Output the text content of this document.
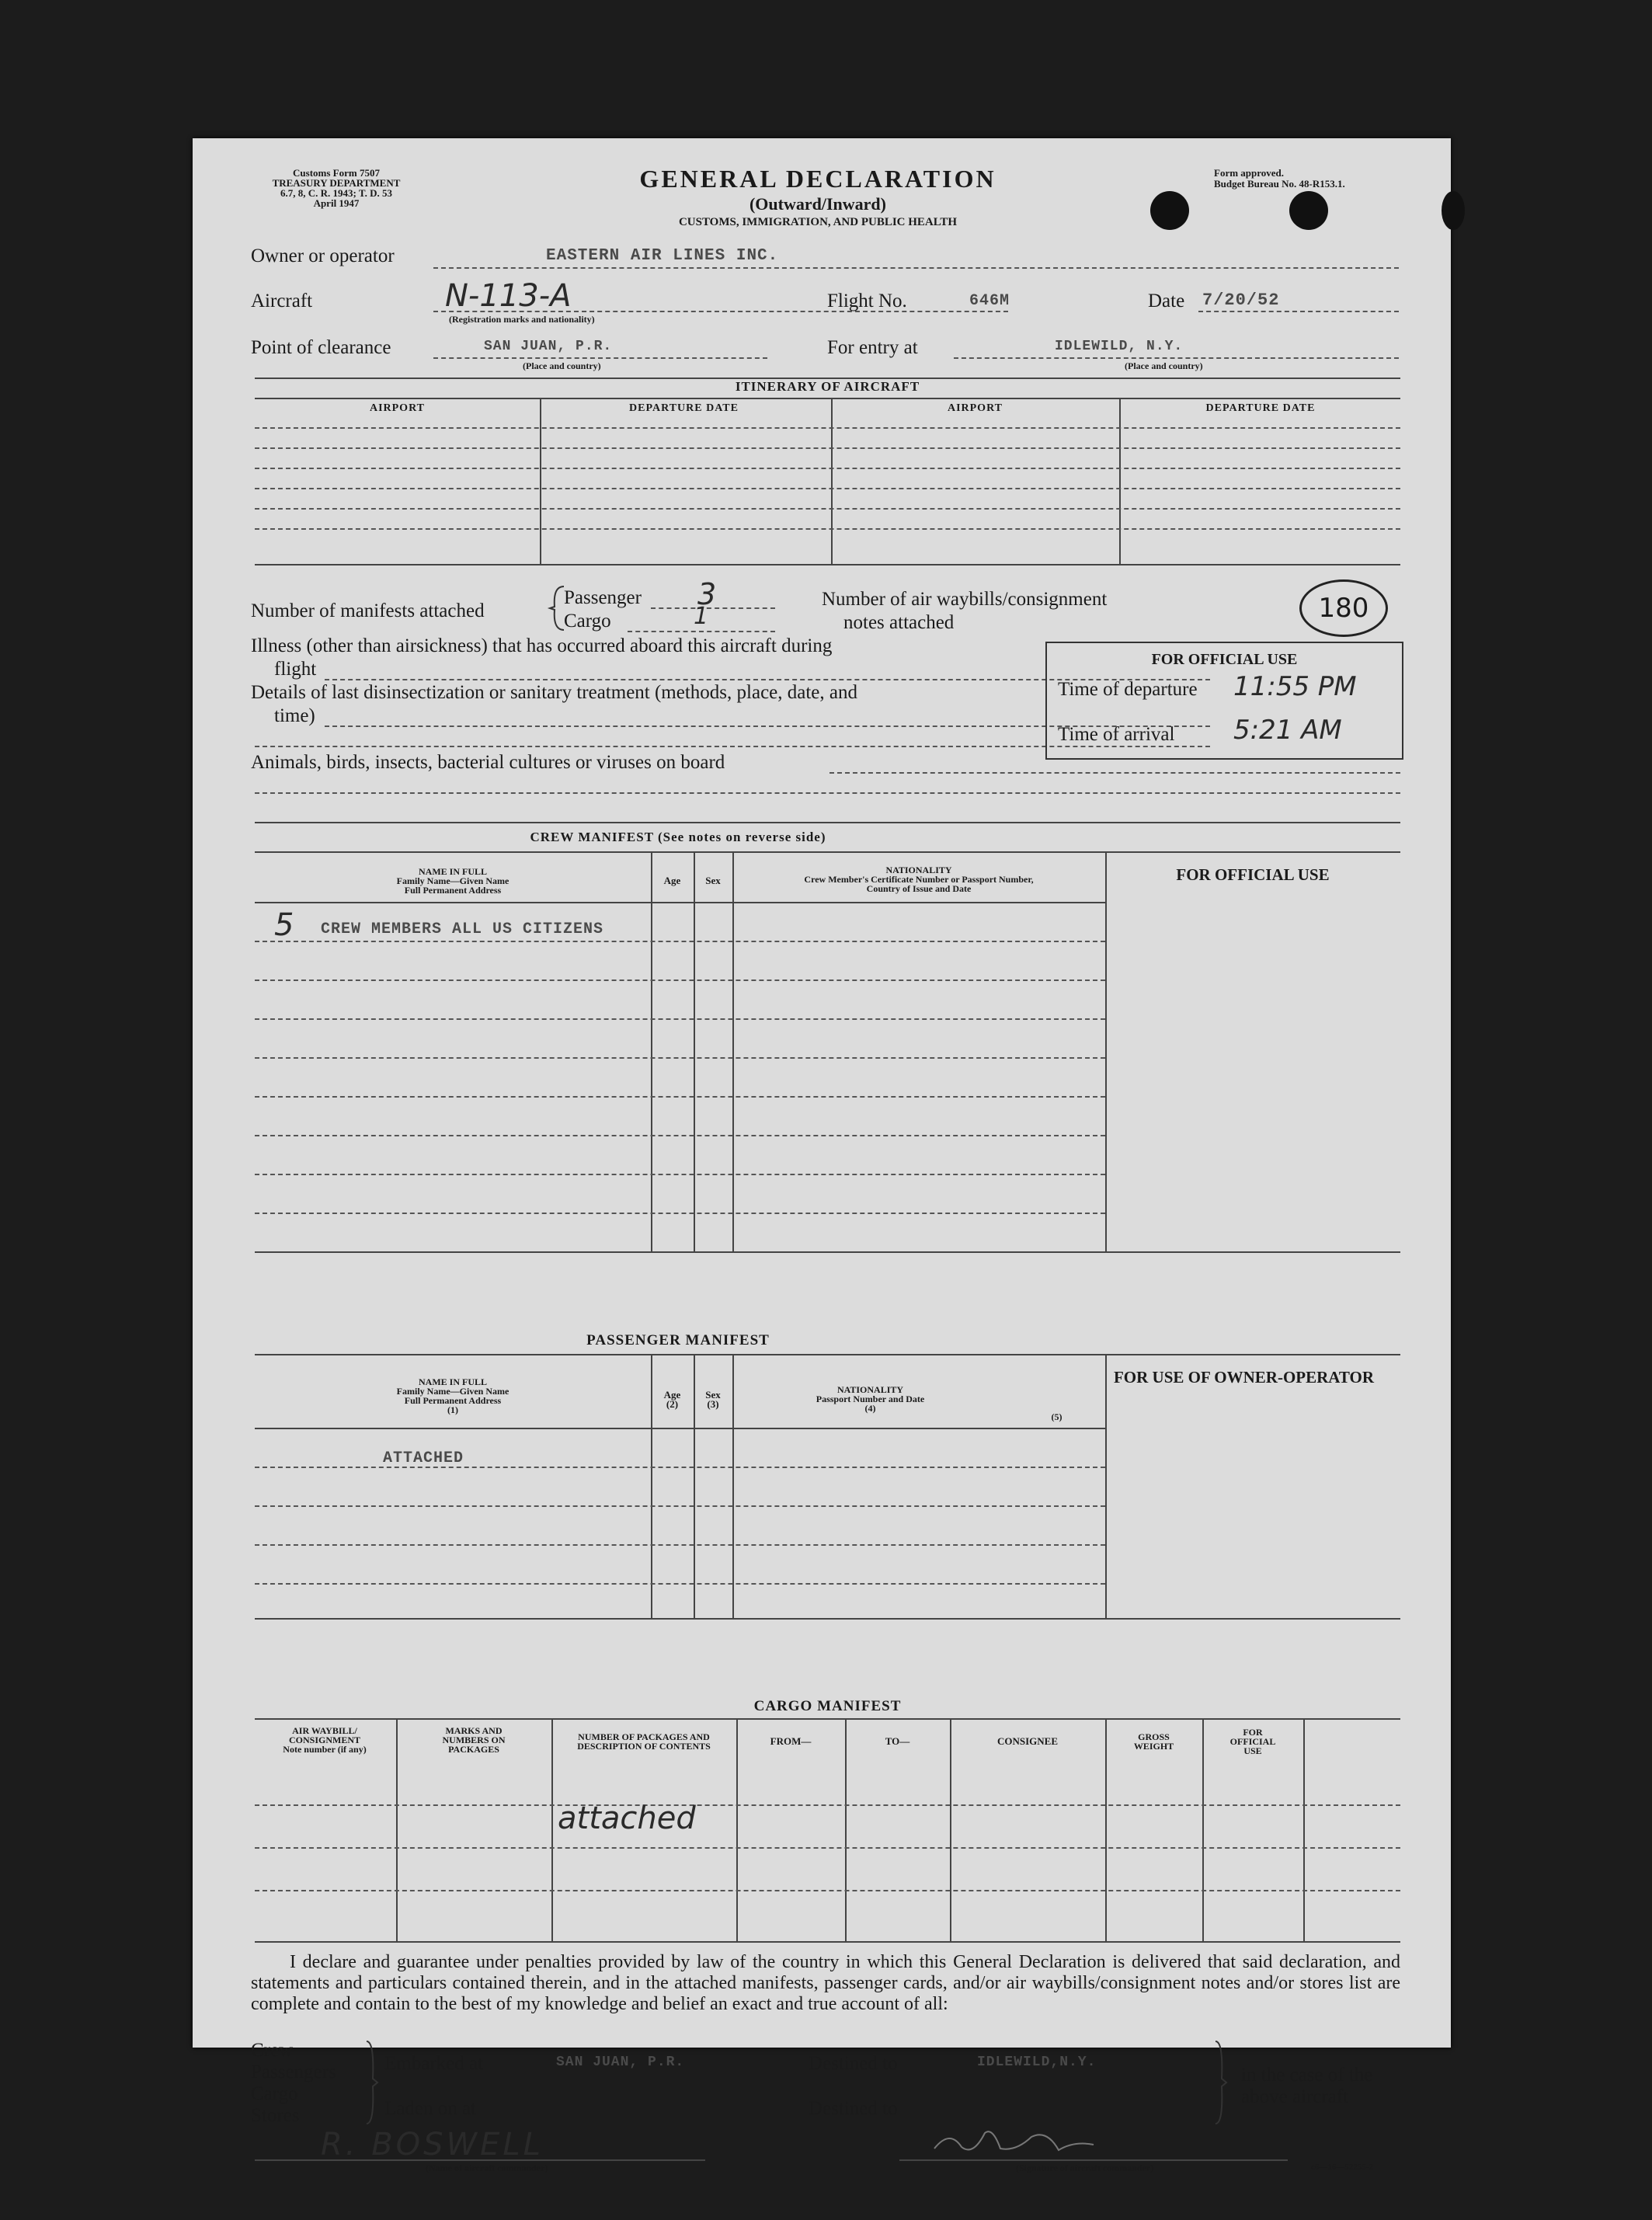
Customs Form 7507
TREASURY DEPARTMENT
6.7, 8, C. R. 1943; T. D. 53
April 1947
GENERAL DECLARATION
(Outward/Inward)
CUSTOMS, IMMIGRATION, AND PUBLIC HEALTH
Form approved.
Budget Bureau No. 48-R153.1.
Owner or operator	EASTERN AIR LINES INC.
Aircraft	N-113-A
(Registration marks and nationality)
Flight No.	646M	Date 7/20/52
Point of clearance	SAN JUAN, P.R.
(Place and country)
For entry at	IDLEWILD, N.Y.
(Place and country)
ITINERARY OF AIRCRAFT
AIRPORT	DEPARTURE DATE	AIRPORT	DEPARTURE DATE
Number of manifests attached
Passenger
Cargo
3
1
Number of air waybills/consignment
notes attached	180
Illness (other than airsickness) that has occurred aboard this aircraft during
flight
Details of last disinsectization or sanitary treatment (methods, place, date, and
time)
Animals, birds, insects, bacterial cultures or viruses on board
FOR OFFICIAL USE
Time of departure 11:55 PM
Time of arrival 5:21 AM
CREW MANIFEST (See notes on reverse side)
NAME IN FULL
Family Name—Given Name
Full Permanent Address
Age	Sex
NATIONALITY
Crew Member's Certificate Number or Passport Number,
Country of Issue and Date
FOR OFFICIAL USE
5 CREW MEMBERS ALL US CITIZENS
PASSENGER MANIFEST
NAME IN FULL
Family Name—Given Name
Full Permanent Address
(1)
Age
(2)
Sex
(3)
NATIONALITY
Passport Number and Date
(4)
(5)
FOR USE OF OWNER-OPERATOR
ATTACHED
CARGO MANIFEST
AIR WAYBILL/
CONSIGNMENT
Note number (if any)
MARKS AND
NUMBERS ON
PACKAGES
NUMBER OF PACKAGES AND
DESCRIPTION OF CONTENTS	FROM—	TO—	CONSIGNEE	GROSS
WEIGHT
FOR
OFFICIAL
USE
attached
I declare and guarantee under penalties provided by law of the country in which this General Declaration is delivered that said declaration, and statements and particulars contained therein, and in the attached manifests, passenger cards, and/or air waybills/consignment notes and/or stores list are complete and contain to the best of my knowledge and belief an exact and true account of all:
Crew
Passengers
Cargo
Stores
Embarked at	SAN JUAN, P.R.
Laden on at
Destined to	IDLEWILD,N.Y.
Destined to
in the case of the
above aircraft
R. BOSWELL
(Name of aircraft commander)	(Signature of aircraft commander)	c6—16—52255-2
